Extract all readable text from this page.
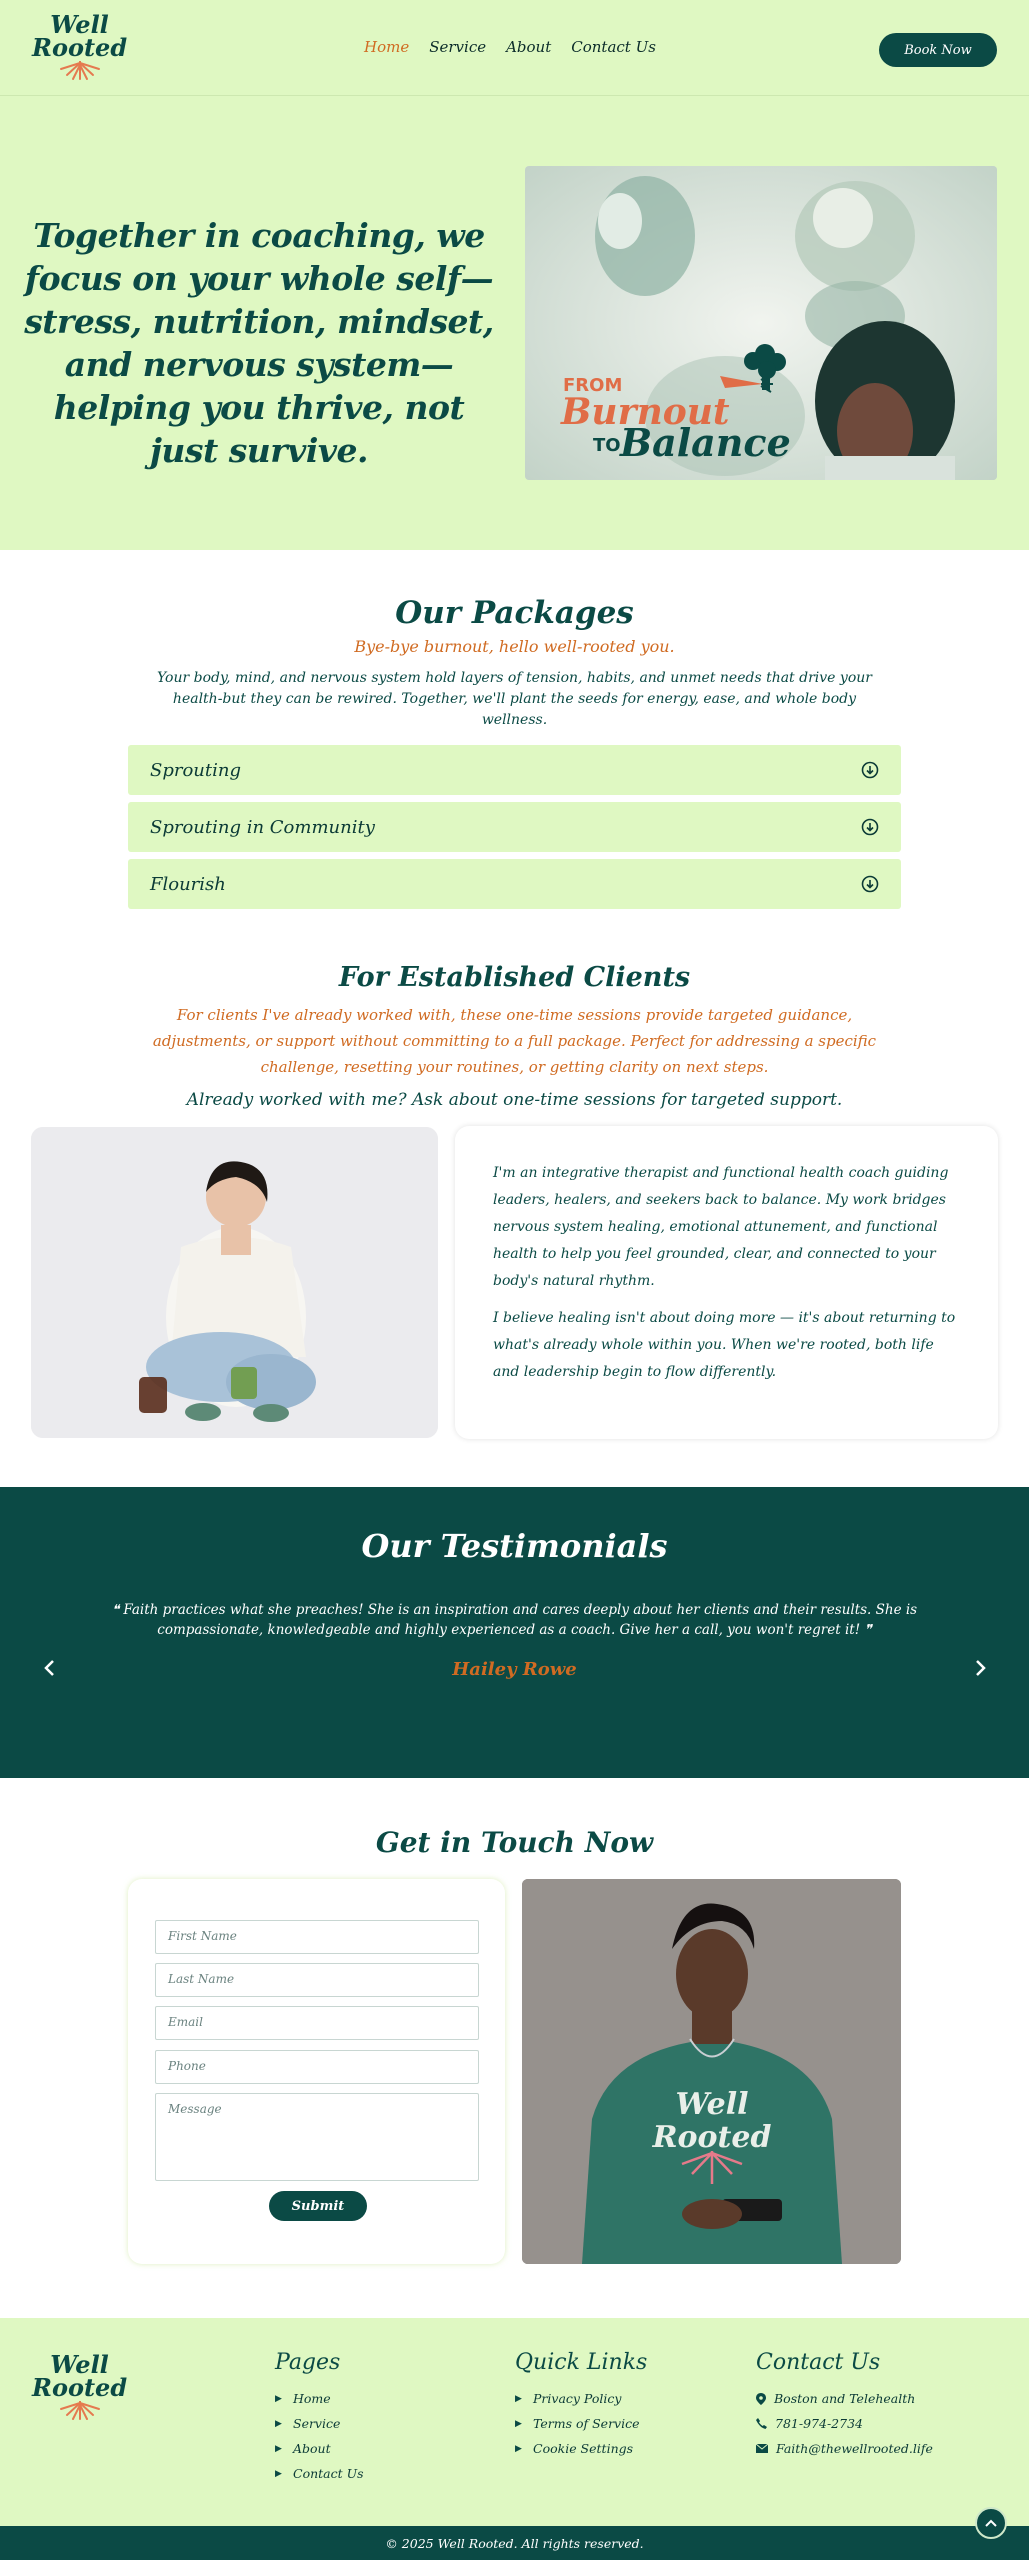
Well
Rooted	Home Service About Contact Us	Book Now
Together in coaching, we focus on your whole self—stress, nutrition, mindset, and nervous system—helping you thrive, not just survive.
FROM
Burnout
TO Balance
Our Packages

Bye-bye burnout, hello well-rooted you.

Your body, mind, and nervous system hold layers of tension, habits, and unmet needs that drive your health-but they can be rewired. Together, we'll plant the seeds for energy, ease, and whole body wellness.

Sprouting
Sprouting in Community
Flourish
For Established Clients

For clients I've already worked with, these one-time sessions provide targeted guidance, adjustments, or support without committing to a full package. Perfect for addressing a specific challenge, resetting your routines, or getting clarity on next steps.

Already worked with me? Ask about one-time sessions for targeted support.

I'm an integrative therapist and functional health coach guiding leaders, healers, and seekers back to balance. My work bridges nervous system healing, emotional attunement, and functional health to help you feel grounded, clear, and connected to your body's natural rhythm.

I believe healing isn't about doing more — it's about returning to what's already whole within you. When we're rooted, both life and leadership begin to flow differently.

Our Testimonials

❝ Faith practices what she preaches! She is an inspiration and cares deeply about her clients and their results. She is compassionate, knowledgeable and highly experienced as a coach. Give her a call, you won't regret it! ❞

Hailey Rowe

Get in Touch Now
First Name
Last Name
Email
Phone
Message
Submit
Well
Rooted
Well
Rooted
Pages
▶ Home
▶ Service
▶ About
▶ Contact Us
Quick Links
▶ Privacy Policy
▶ Terms of Service
▶ Cookie Settings
Contact Us
Boston and Telehealth
781-974-2734
Faith@thewellrooted.life

© 2025 Well Rooted. All rights reserved.
